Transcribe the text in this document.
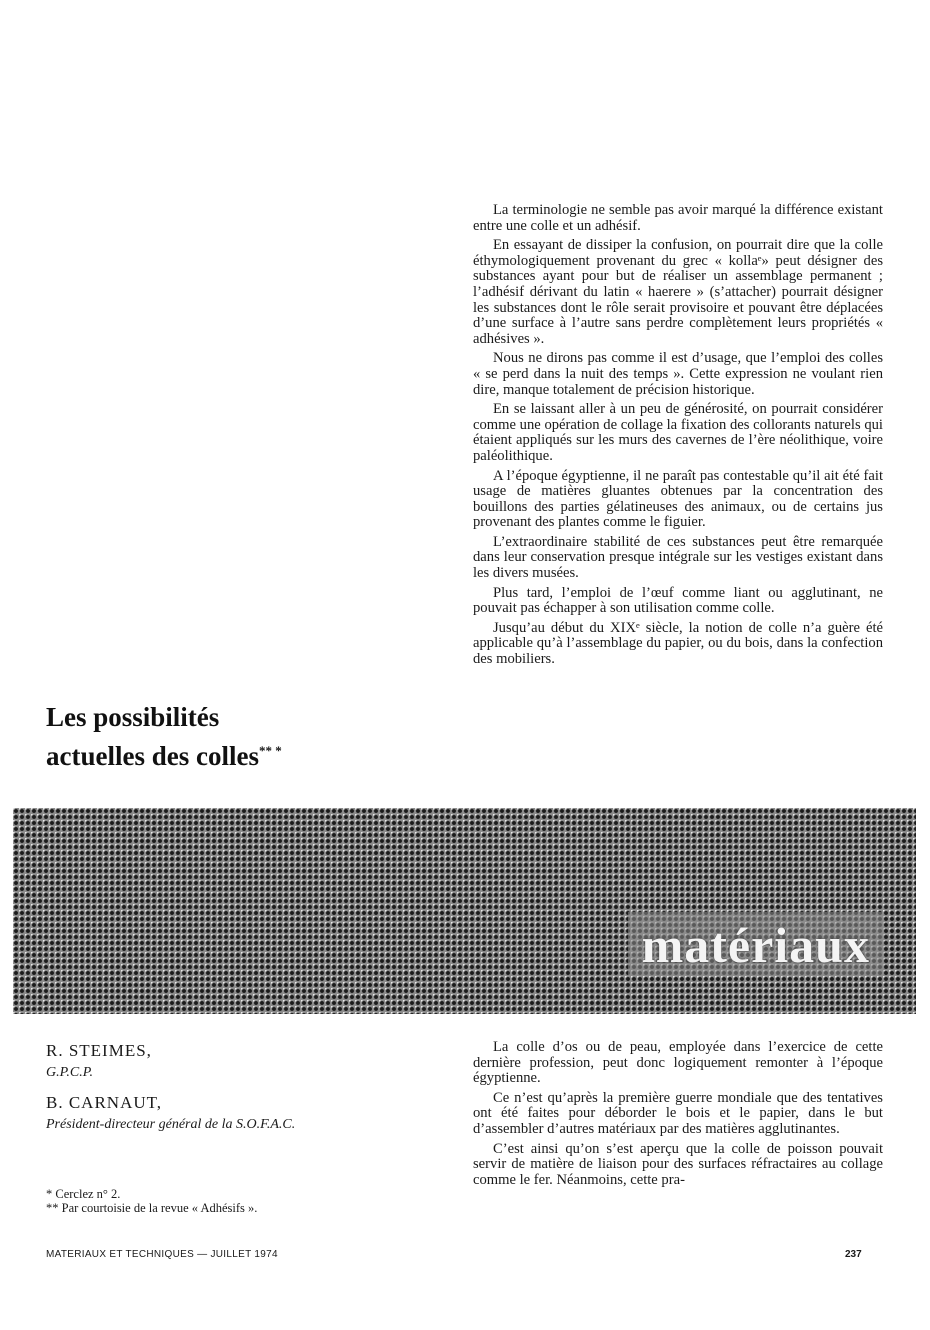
La terminologie ne semble pas avoir marqué la différence existant entre une colle et un adhésif.

En essayant de dissiper la confusion, on pourrait dire que la colle éthymologiquement provenant du grec « kollaᵉ» peut désigner des substances ayant pour but de réaliser un assemblage permanent ; l’adhésif dérivant du latin « haerere » (s’attacher) pourrait désigner les substances dont le rôle serait provisoire et pouvant être déplacées d’une surface à l’autre sans perdre complètement leurs propriétés « adhésives ».

Nous ne dirons pas comme il est d’usage, que l’emploi des colles « se perd dans la nuit des temps ». Cette expression ne voulant rien dire, manque totalement de précision historique.

En se laissant aller à un peu de générosité, on pourrait considérer comme une opération de collage la fixation des collorants naturels qui étaient appliqués sur les murs des cavernes de l’ère néolithique, voire paléolithique.

A l’époque égyptienne, il ne paraît pas contestable qu’il ait été fait usage de matières gluantes obtenues par la concentration des bouillons des parties gélatineuses des animaux, ou de certains jus provenant des plantes comme le figuier.

L’extraordinaire stabilité de ces substances peut être remarquée dans leur conservation presque intégrale sur les vestiges existant dans les divers musées.

Plus tard, l’emploi de l’œuf comme liant ou agglutinant, ne pouvait pas échapper à son utilisation comme colle.

Jusqu’au début du XIXᵉ siècle, la notion de colle n’a guère été applicable qu’à l’assemblage du papier, ou du bois, dans la confection des mobiliers.

Les possibilités
actuelles des colles** *
matériaux

R. STEIMES,

G.P.C.P.

B. CARNAUT,

Président-directeur général de la S.O.F.A.C.

* Cerclez n° 2.

** Par courtoisie de la revue « Adhésifs ».

La colle d’os ou de peau, employée dans l’exercice de cette dernière profession, peut donc logiquement remonter à l’époque égyptienne.

Ce n’est qu’après la première guerre mondiale que des tentatives ont été faites pour déborder le bois et le papier, dans le but d’assembler d’autres matériaux par des matières agglutinantes.

C’est ainsi qu’on s’est aperçu que la colle de poisson pouvait servir de matière de liaison pour des surfaces réfractaires au collage comme le fer. Néanmoins, cette pra-

MATERIAUX ET TECHNIQUES — JUILLET 1974	237
